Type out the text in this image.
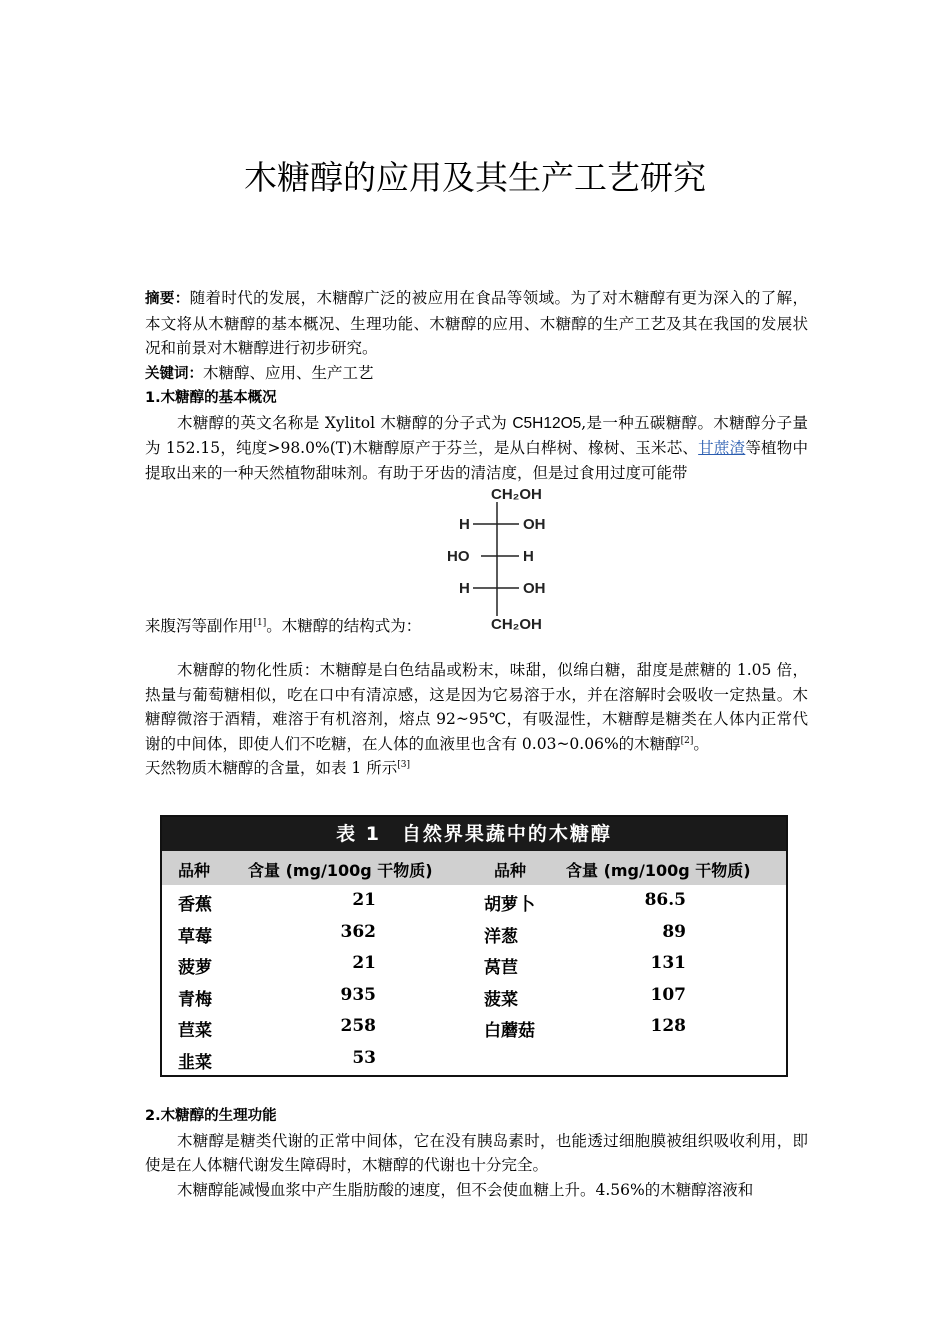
木糖醇的应用及其生产工艺研究

摘要：随着时代的发展，木糖醇广泛的被应用在食品等领域。为了对木糖醇有更为深入的了解，本文将从木糖醇的基本概况、生理功能、木糖醇的应用、木糖醇的生产工艺及其在我国的发展状况和前景对木糖醇进行初步研究。

关键词：木糖醇、应用、生产工艺

1.木糖醇的基本概况

木糖醇的英文名称是 Xylitol 木糖醇的分子式为 C5H12O5,是一种五碳糖醇。木糖醇分子量为 152.15，纯度>98.0%(T)木糖醇原产于芬兰，是从白桦树、橡树、玉米芯、甘蔗渣等植物中提取出来的一种天然植物甜味剂。有助于牙齿的清洁度，但是过食用过度可能带

CH₂OH
H	OH
HO	H
H	OH
CH₂OH

来腹泻等副作用[1]。木糖醇的结构式为：

木糖醇的物化性质：木糖醇是白色结晶或粉末，味甜，似绵白糖，甜度是蔗糖的 1.05 倍，热量与葡萄糖相似，吃在口中有清凉感，这是因为它易溶于水，并在溶解时会吸收一定热量。木糖醇微溶于酒精，难溶于有机溶剂，熔点 92~95℃，有吸湿性，木糖醇是糖类在人体内正常代谢的中间体，即使人们不吃糖，在人体的血液里也含有 0.03~0.06%的木糖醇[2]。

天然物质木糖醇的含量，如表 1 所示[3]

表 1　自然界果蔬中的木糖醇
品种 含量 (mg/100g 干物质)	品种 含量 (mg/100g 干物质)
香蕉	21	胡萝卜	86.5
草莓	362	洋葱	89
菠萝	21	莴苣	131
青梅	935	菠菜	107
苣菜	258	白蘑菇	128
韭菜	53

2.木糖醇的生理功能

木糖醇是糖类代谢的正常中间体，它在没有胰岛素时，也能透过细胞膜被组织吸收利用，即使是在人体糖代谢发生障碍时，木糖醇的代谢也十分完全。

木糖醇能减慢血浆中产生脂肪酸的速度，但不会使血糖上升。4.56%的木糖醇溶液和
